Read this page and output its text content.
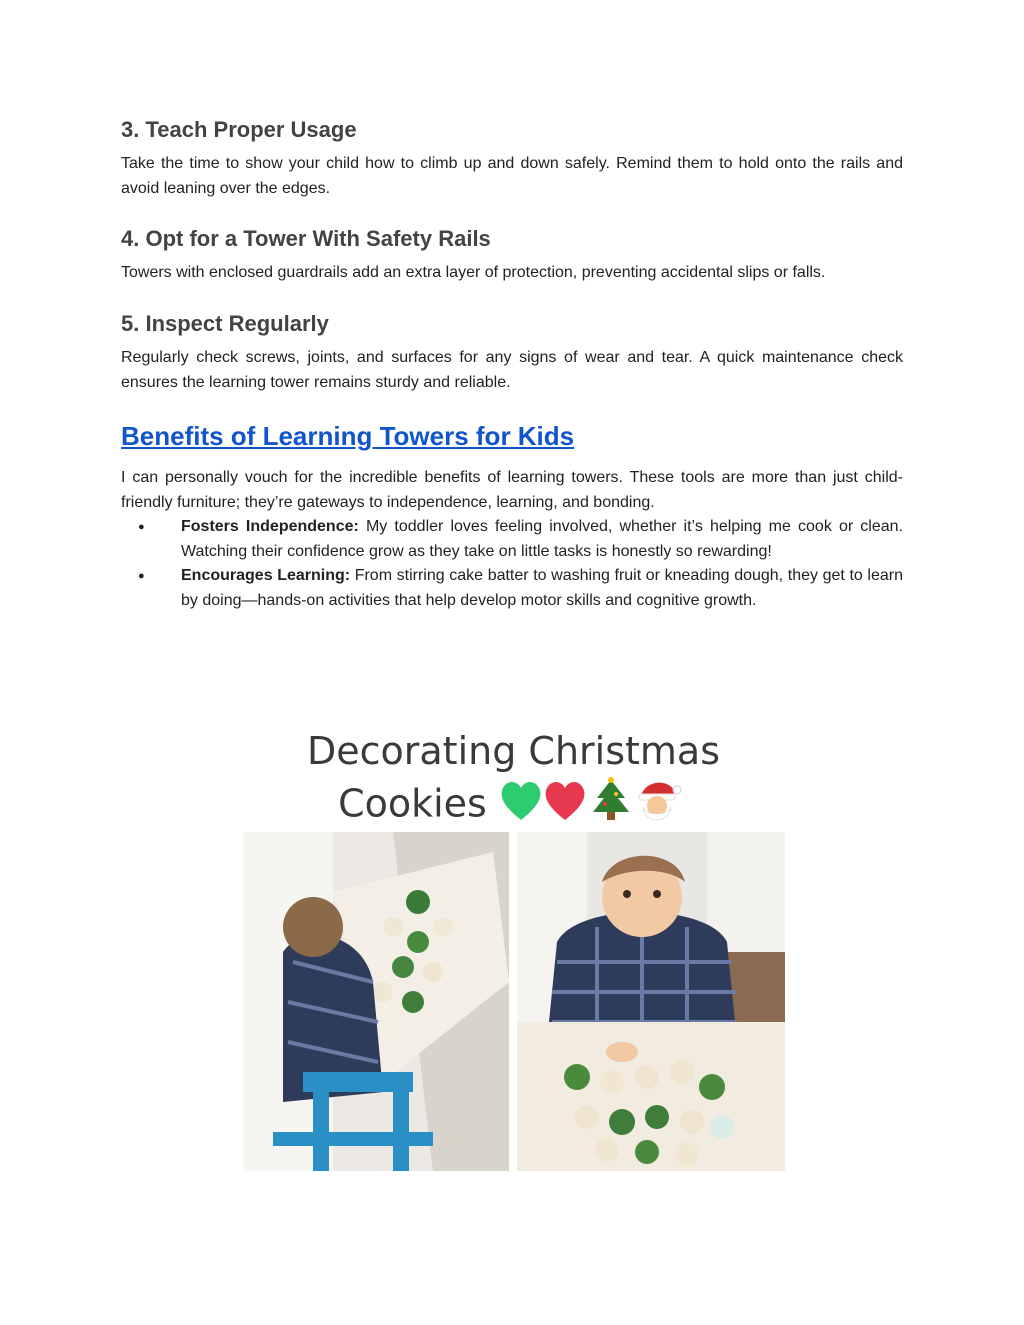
3. Teach Proper Usage

Take the time to show your child how to climb up and down safely. Remind them to hold onto the rails and avoid leaning over the edges.

4. Opt for a Tower With Safety Rails

Towers with enclosed guardrails add an extra layer of protection, preventing accidental slips or falls.

5. Inspect Regularly

Regularly check screws, joints, and surfaces for any signs of wear and tear. A quick maintenance check ensures the learning tower remains sturdy and reliable.

Benefits of Learning Towers for Kids

I can personally vouch for the incredible benefits of learning towers. These tools are more than just child-friendly furniture; they’re gateways to independence, learning, and bonding.

● Fosters Independence: My toddler loves feeling involved, whether it’s helping me cook or clean. Watching their confidence grow as they take on little tasks is honestly so rewarding!
● Encourages Learning: From stirring cake batter to washing fruit or kneading dough, they get to learn by doing—hands-on activities that help develop motor skills and cognitive growth.
Decorating Christmas
Cookies
